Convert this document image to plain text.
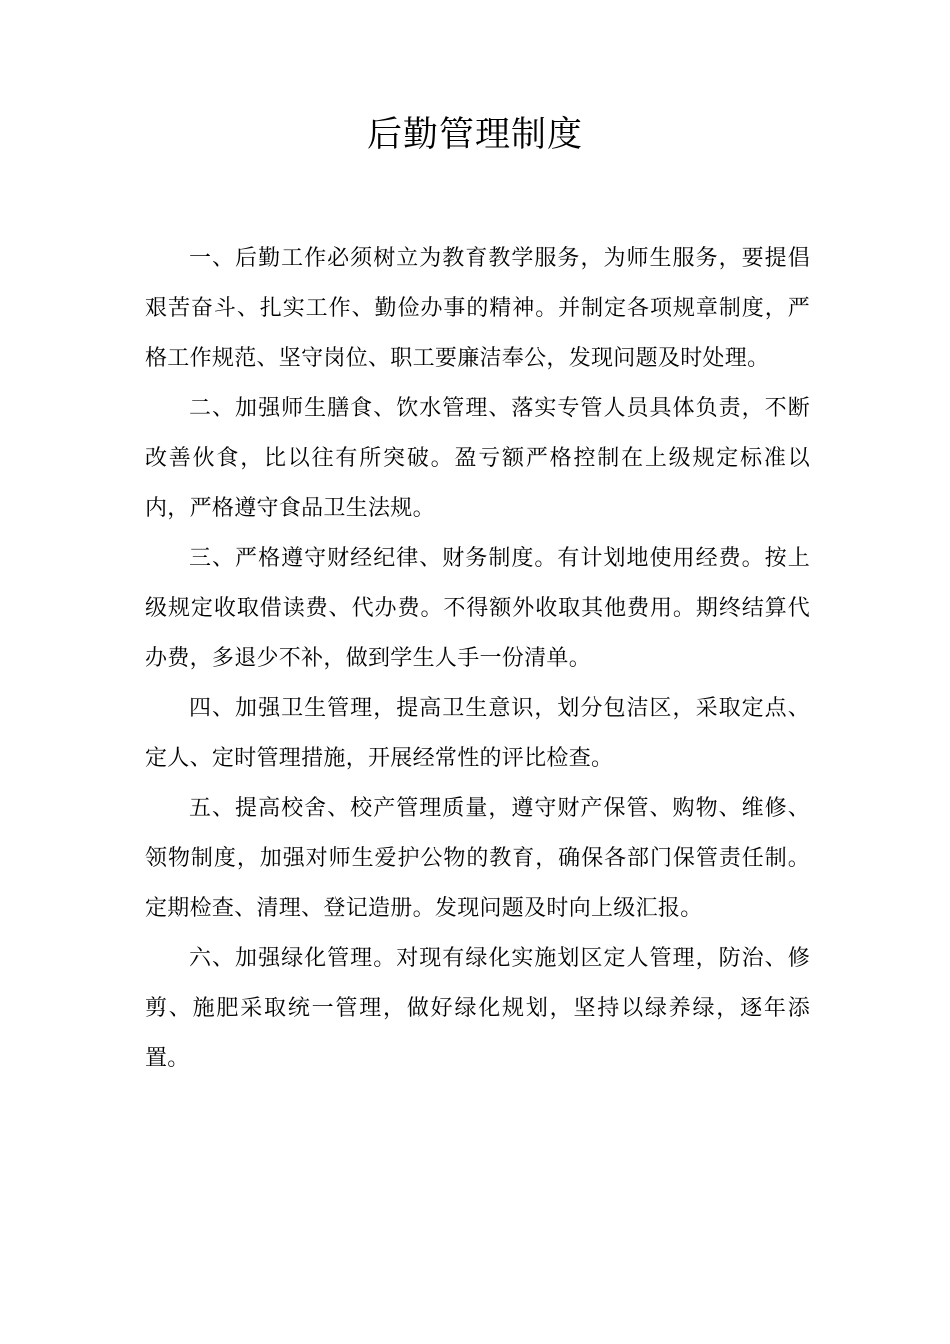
后勤管理制度

一、后勤工作必须树立为教育教学服务，为师生服务，要提倡艰苦奋斗、扎实工作、勤俭办事的精神。并制定各项规章制度，严格工作规范、坚守岗位、职工要廉洁奉公，发现问题及时处理。

二、加强师生膳食、饮水管理、落实专管人员具体负责，不断改善伙食，比以往有所突破。盈亏额严格控制在上级规定标准以内，严格遵守食品卫生法规。

三、严格遵守财经纪律、财务制度。有计划地使用经费。按上级规定收取借读费、代办费。不得额外收取其他费用。期终结算代办费，多退少不补，做到学生人手一份清单。

四、加强卫生管理，提高卫生意识，划分包洁区，采取定点、定人、定时管理措施，开展经常性的评比检查。

五、提高校舍、校产管理质量，遵守财产保管、购物、维修、领物制度，加强对师生爱护公物的教育，确保各部门保管责任制。定期检查、清理、登记造册。发现问题及时向上级汇报。

六、加强绿化管理。对现有绿化实施划区定人管理，防治、修剪、施肥采取统一管理，做好绿化规划，坚持以绿养绿，逐年添置。
